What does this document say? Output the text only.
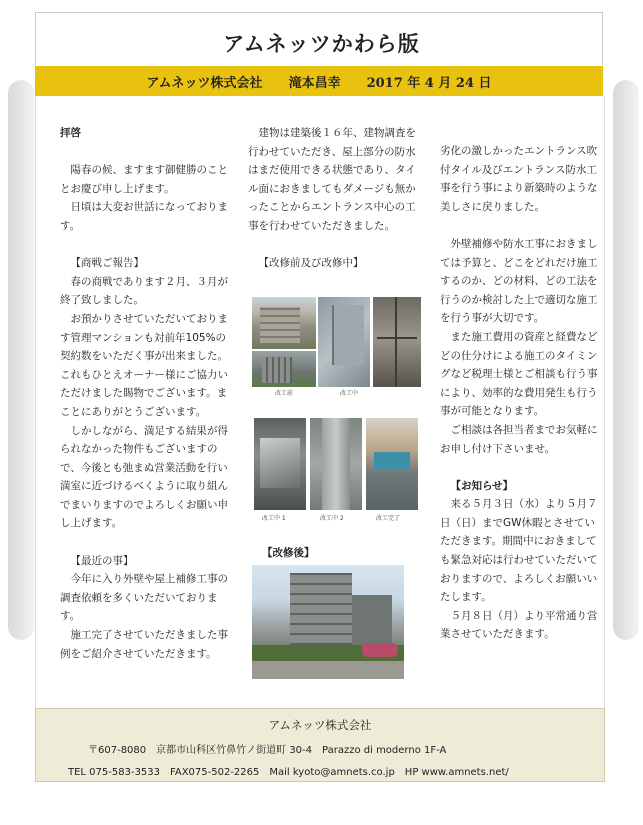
アムネッツかわら版
アムネッツ株式会社 滝本昌幸 2017 年 4 月 24 日

拝啓

陽春の候、ますます御健勝のこととお慶び申し上げます。

日頃は大変お世話になっております。

【商戦ご報告】

春の商戦であります２月、３月が終了致しました。

お預かりさせていただいております管理マンションも対前年105%の契約数をいただく事が出来ました。これもひとえオーナー様にご協力いただけました賜物でございます。まことにありがとうございます。

しかしながら、満足する結果が得られなかった物件もございますので、今後とも弛まぬ営業活動を行い満室に近づけるべくように取り組んでまいりますのでよろしくお願い申し上げます。

【最近の事】

今年に入り外壁や屋上補修工事の調査依頼を多くいただいております。

施工完了させていただきました事例をご紹介させていただきます。

建物は建築後１６年、建物調査を行わせていただき、屋上部分の防水はまだ使用できる状態であり、タイル面におきましてもダメージも無かったことからエントランス中心の工事を行わせていただきました。

【改修前及び改修中】

改工前	改工中
改工中 1	改工中 2	改工完了
【改修後】

劣化の激しかったエントランス吹付タイル及びエントランス防水工事を行う事により新築時のような美しさに戻りました。

外壁補修や防水工事におきましては予算と、どこをどれだけ施工するのか、どの材料、どの工法を行うのか検討した上で適切な施工を行う事が大切です。

また施工費用の資産と経費などどの仕分けによる施工のタイミングなど税理士様とご相談も行う事により、効率的な費用発生も行う事が可能となります。

ご相談は各担当者までお気軽にお申し付け下さいませ。

【お知らせ】

来る５月３日（水）より５月７日（日）までGW休暇とさせていただきます。期間中におきましても緊急対応は行わせていただいておりますので、よろしくお願いいたします。

５月８日（月）より平常通り営業させていただきます。

アムネッツ株式会社
〒607-8080　京都市山科区竹鼻竹ノ街道町 30-4　Parazzo di moderno 1F-A
TEL 075-583-3533　FAX075-502-2265　Mail kyoto@amnets.co.jp　HP www.amnets.net/
